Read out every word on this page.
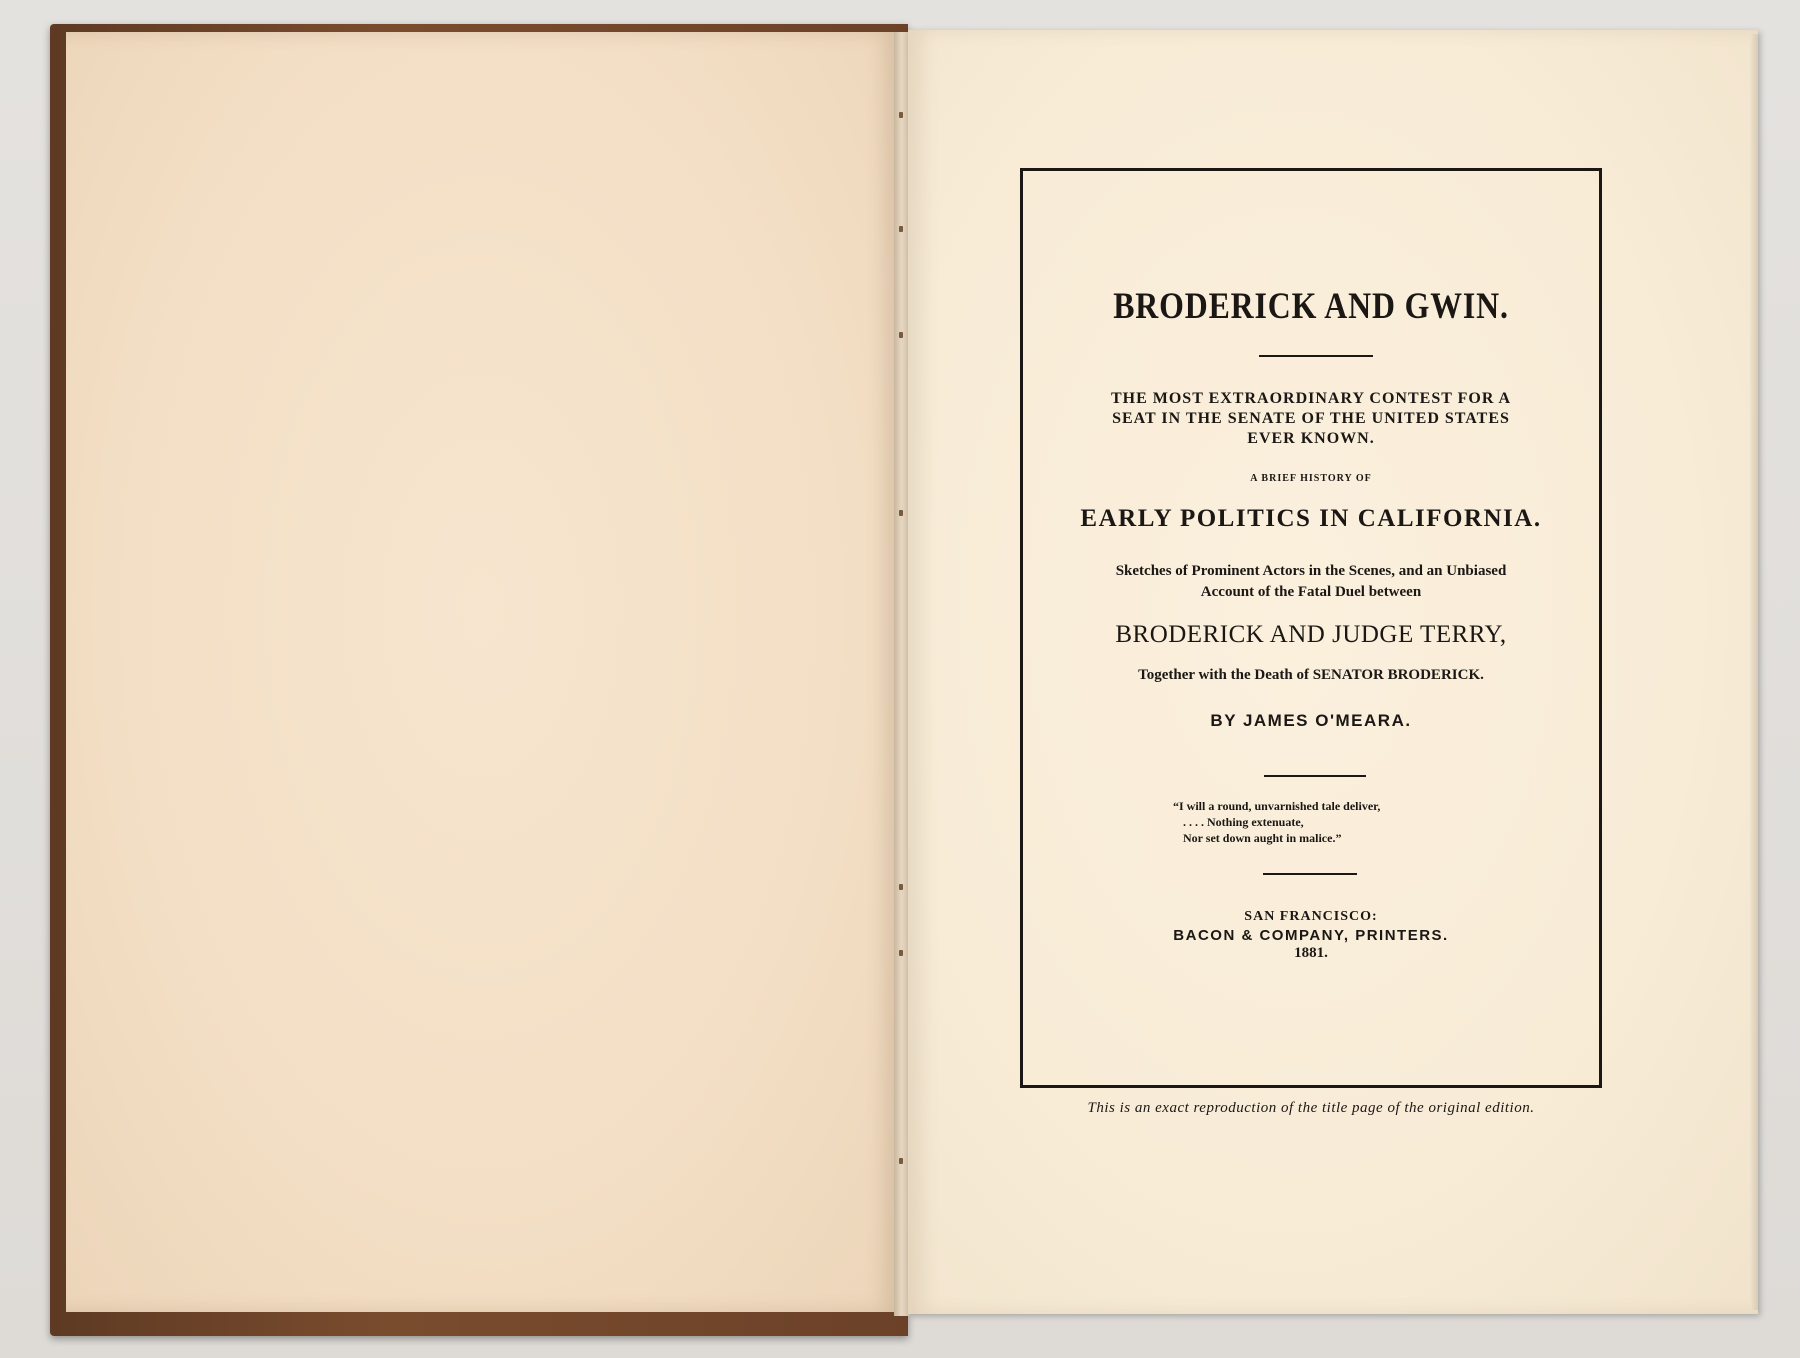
BRODERICK AND GWIN.
THE MOST EXTRAORDINARY CONTEST FOR A SEAT IN THE SENATE OF THE UNITED STATES EVER KNOWN.
A BRIEF HISTORY OF
EARLY POLITICS IN CALIFORNIA.
Sketches of Prominent Actors in the Scenes, and an Unbiased Account of the Fatal Duel between
BRODERICK AND JUDGE TERRY,
Together with the Death of SENATOR BRODERICK.
BY JAMES O'MEARA.
“I will a round, unvarnished tale deliver,
. . . . Nothing extenuate,
Nor set down aught in malice.”
SAN FRANCISCO:
BACON & COMPANY, PRINTERS.
1881.
This is an exact reproduction of the title page of the original edition.
